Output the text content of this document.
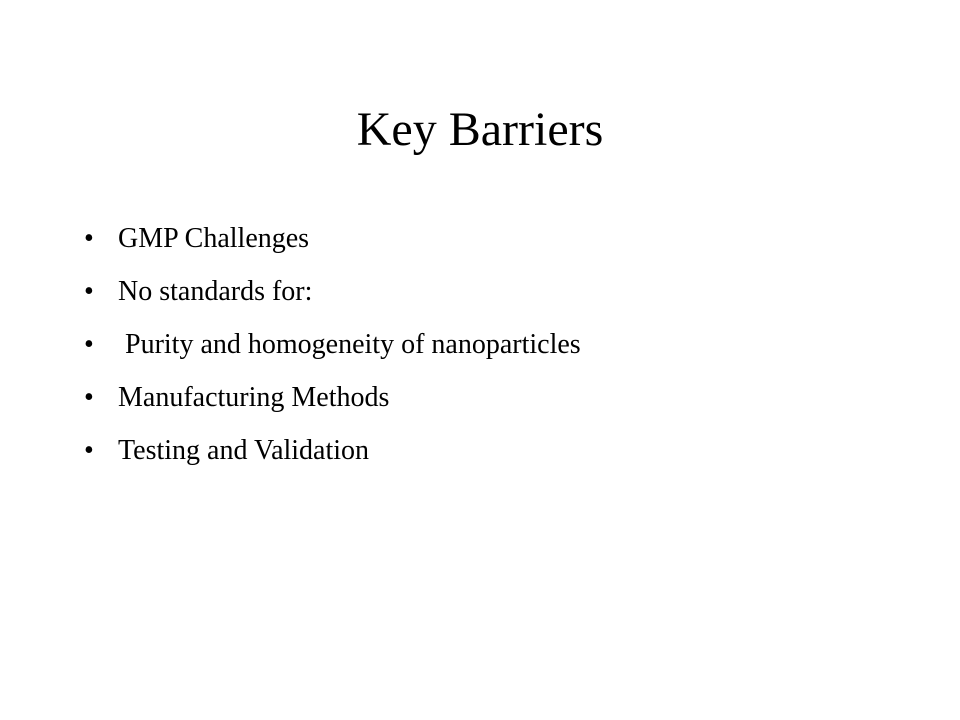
Key Barriers
• GMP Challenges
• No standards for:
• Purity and homogeneity of nanoparticles
• Manufacturing Methods
• Testing and Validation
